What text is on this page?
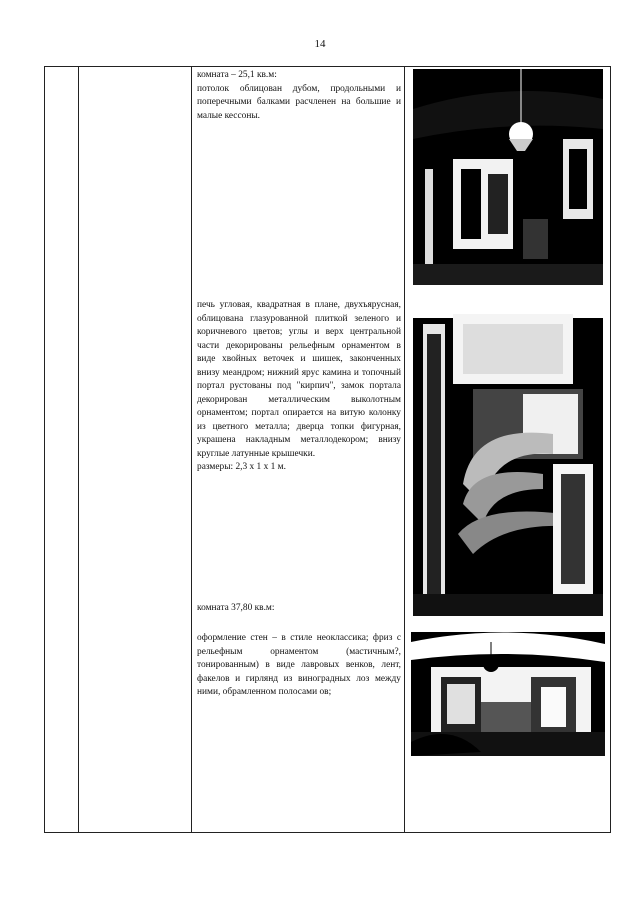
14

комната – 25,1 кв.м:

потолок облицован дубом, продольными и поперечными балками расчленен на большие и малые кессоны.

печь угловая, квадратная в плане, двухъярусная, облицована глазурованной плиткой зеленого и коричневого цветов; углы и верх центральной части декорированы рельефным орнаментом в виде хвойных веточек и шишек, законченных внизу меандром; нижний ярус камина и топочный портал рустованы под "кирпич", замок портала декорирован металлическим выколотным орнаментом; портал опирается на витую колонку из цветного металла; дверца топки фигурная, украшена накладным металлодекором; внизу круглые латунные крышечки.

размеры: 2,3 х 1 х 1 м.

комната 37,80 кв.м:
оформление стен – в стиле неоклассика; фриз с рельефным орнаментом (мастичным?, тонированным) в виде лавровых венков, лент, факелов и гирлянд из виноградных лоз между ними, обрамленном полосами ов;
